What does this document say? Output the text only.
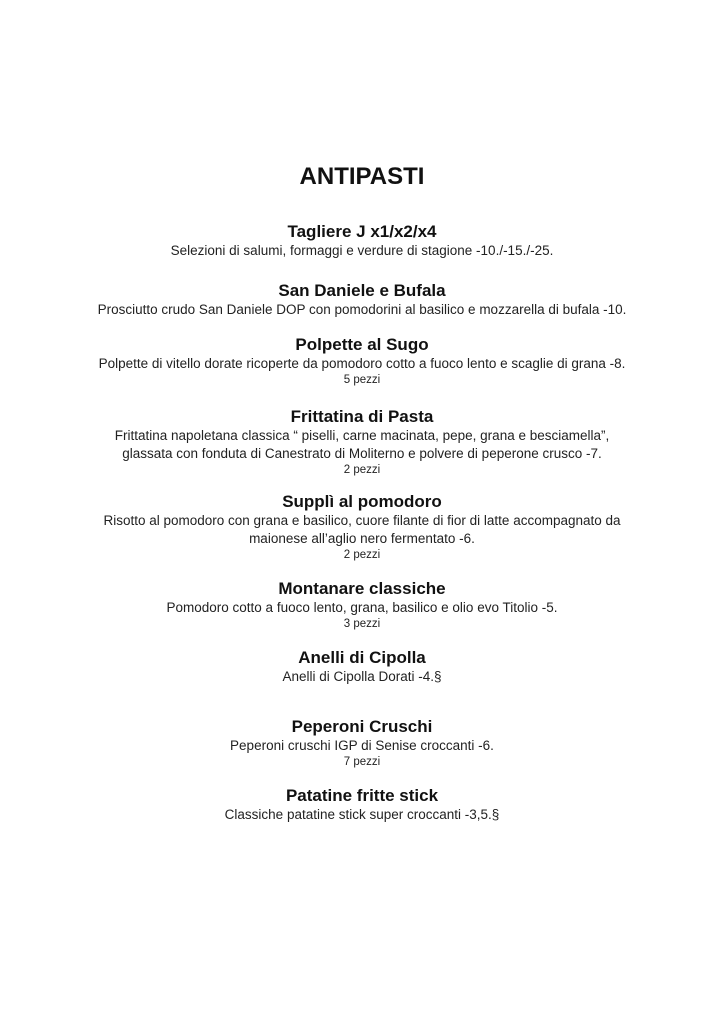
ANTIPASTI
Tagliere J x1/x2/x4
Selezioni di salumi, formaggi e verdure di stagione -10./-15./-25.
San Daniele e Bufala
Prosciutto crudo San Daniele DOP con pomodorini al basilico e mozzarella di bufala -10.
Polpette al Sugo
Polpette di vitello dorate ricoperte da pomodoro cotto a fuoco lento e scaglie di grana -8.
5 pezzi
Frittatina di Pasta
Frittatina napoletana classica “ piselli, carne macinata, pepe, grana e besciamella”,
glassata con fonduta di Canestrato di Moliterno e polvere di peperone crusco -7.
2 pezzi
Supplì al pomodoro
Risotto al pomodoro con grana e basilico, cuore filante di fior di latte accompagnato da
maionese all’aglio nero fermentato -6.
2 pezzi
Montanare classiche
Pomodoro cotto a fuoco lento, grana, basilico e olio evo Titolio -5.
3 pezzi
Anelli di Cipolla
Anelli di Cipolla Dorati -4.§
Peperoni Cruschi
Peperoni cruschi IGP di Senise croccanti -6.
7 pezzi
Patatine fritte stick
Classiche patatine stick super croccanti -3,5.§
